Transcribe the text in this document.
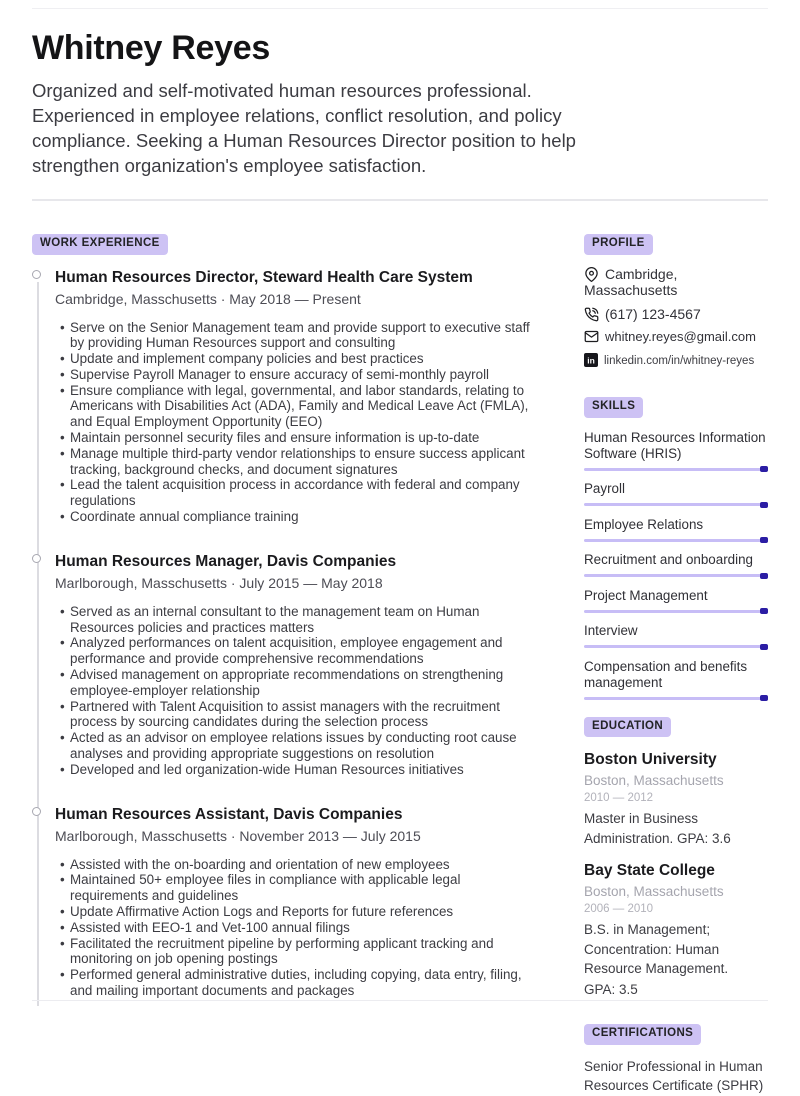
Whitney Reyes

Organized and self-motivated human resources professional. Experienced in employee relations, conflict resolution, and policy compliance. Seeking a Human Resources Director position to help strengthen organization's employee satisfaction.

WORK EXPERIENCE
Human Resources Director, Steward Health Care System

Cambridge, Masschusetts · May 2018 — Present

• Serve on the Senior Management team and provide support to executive staff by providing Human Resources support and consulting
• Update and implement company policies and best practices
• Supervise Payroll Manager to ensure accuracy of semi-monthly payroll
• Ensure compliance with legal, governmental, and labor standards, relating to Americans with Disabilities Act (ADA), Family and Medical Leave Act (FMLA), and Equal Employment Opportunity (EEO)
• Maintain personnel security files and ensure information is up-to-date
• Manage multiple third-party vendor relationships to ensure success applicant tracking, background checks, and document signatures
• Lead the talent acquisition process in accordance with federal and company regulations
• Coordinate annual compliance training
Human Resources Manager, Davis Companies

Marlborough, Masschusetts · July 2015 — May 2018

• Served as an internal consultant to the management team on Human Resources policies and practices matters
• Analyzed performances on talent acquisition, employee engagement and performance and provide comprehensive recommendations
• Advised management on appropriate recommendations on strengthening employee-employer relationship
• Partnered with Talent Acquisition to assist managers with the recruitment process by sourcing candidates during the selection process
• Acted as an advisor on employee relations issues by conducting root cause analyses and providing appropriate suggestions on resolution
• Developed and led organization-wide Human Resources initiatives
Human Resources Assistant, Davis Companies

Marlborough, Masschusetts · November 2013 — July 2015

• Assisted with the on-boarding and orientation of new employees
• Maintained 50+ employee files in compliance with applicable legal requirements and guidelines
• Update Affirmative Action Logs and Reports for future references
• Assisted with EEO-1 and Vet-100 annual filings
• Facilitated the recruitment pipeline by performing applicant tracking and monitoring on job opening postings
• Performed general administrative duties, including copying, data entry, filing, and mailing important documents and packages
PROFILE

Cambridge, Massachusetts

(617) 123-4567

whitney.reyes@gmail.com

in linkedin.com/in/whitney-reyes

SKILLS
Human Resources Information Software (HRIS)
Payroll
Employee Relations
Recruitment and onboarding
Project Management
Interview
Compensation and benefits management
EDUCATION
Boston University

Boston, Massachusetts

2010 — 2012

Master in Business Administration. GPA: 3.6

Bay State College

Boston, Massachusetts

2006 — 2010

B.S. in Management; Concentration: Human Resource Management.

GPA: 3.5

CERTIFICATIONS

Senior Professional in Human Resources Certificate (SPHR)
